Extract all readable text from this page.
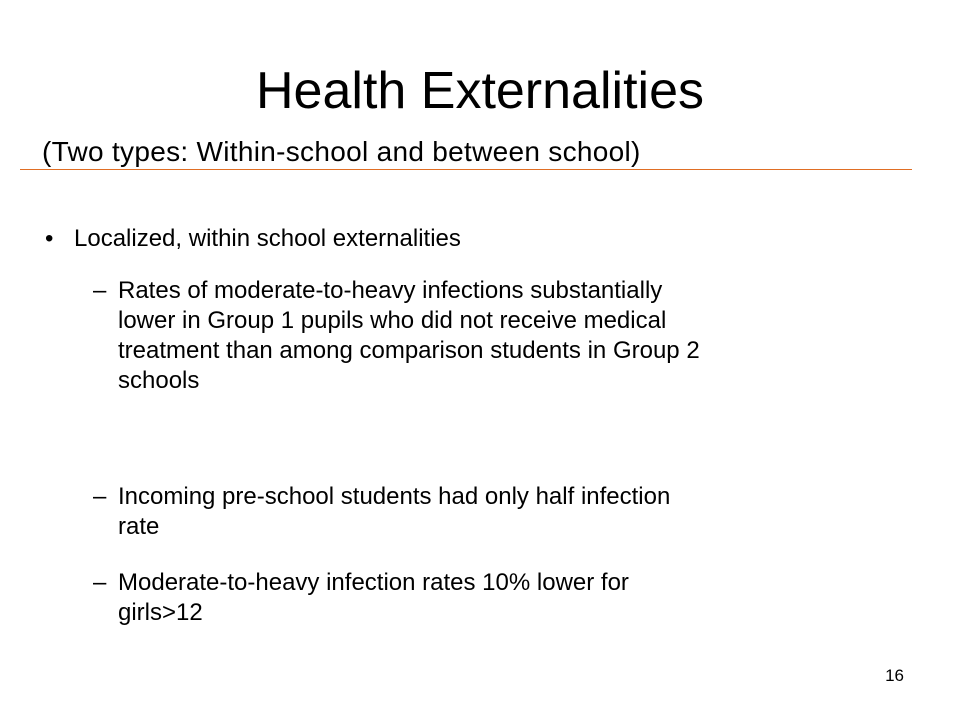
Health Externalities

(Two types: Within-school and between school)

• Localized, within school externalities
– Rates of moderate-to-heavy infections substantially
lower in Group 1 pupils who did not receive medical
treatment than among comparison students in Group 2
schools
– Incoming pre-school students had only half infection
rate
– Moderate-to-heavy infection rates 10% lower for
girls>12
16
